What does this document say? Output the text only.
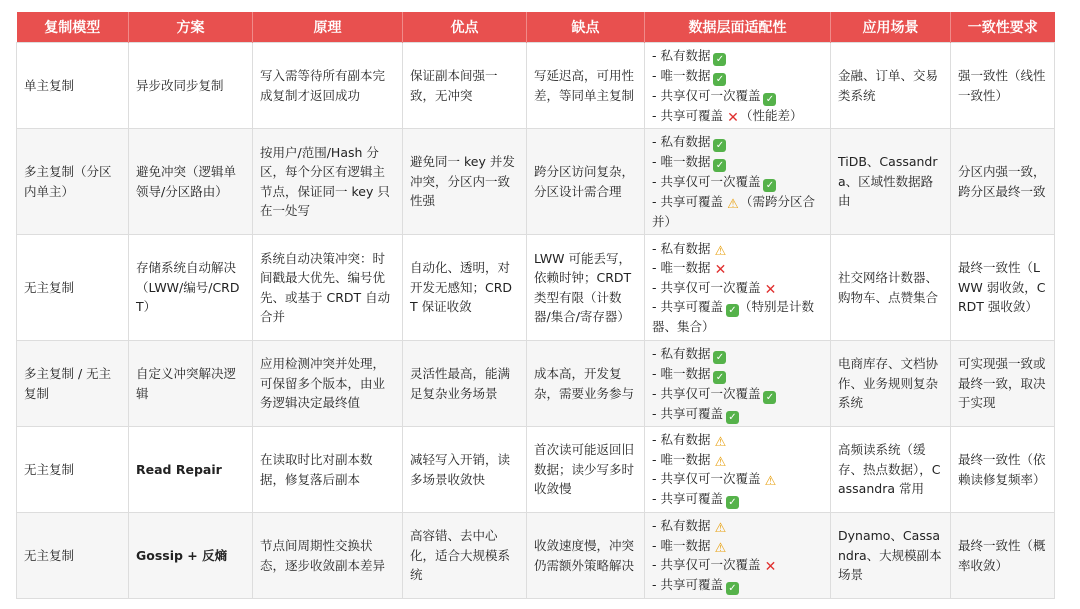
复制模型	方案	原理	优点	缺点	数据层面适配性	应用场景	一致性要求
单主复制	异步改同步复制	写入需等待所有副本完成复制才返回成功	保证副本间强一致，无冲突	写延迟高，可用性差，等同单主复制	- 私有数据 ✓
- 唯一数据 ✓
- 共享仅可一次覆盖 ✓
- 共享可覆盖 ✕（性能差）	金融、订单、交易类系统	强一致性（线性一致性）
多主复制（分区内单主）	避免冲突（逻辑单领导/分区路由）	按用户/范围/Hash 分区，每个分区有逻辑主节点，保证同一 key 只在一处写	避免同一 key 并发冲突，分区内一致性强	跨分区访问复杂，分区设计需合理	- 私有数据 ✓
- 唯一数据 ✓
- 共享仅可一次覆盖 ✓
- 共享可覆盖 ⚠（需跨分区合并）	TiDB、Cassandra、区域性数据路由	分区内强一致，跨分区最终一致
无主复制	存储系统自动解决（LWW/编号/CRDT）	系统自动决策冲突：时间戳最大优先、编号优先、或基于 CRDT 自动合并	自动化、透明，对开发无感知；CRDT 保证收敛	LWW 可能丢写，依赖时钟；CRDT 类型有限（计数器/集合/寄存器）	- 私有数据 ⚠
- 唯一数据 ✕
- 共享仅可一次覆盖 ✕
- 共享可覆盖 ✓ （特别是计数器、集合）	社交网络计数器、购物车、点赞集合	最终一致性（LWW 弱收敛，CRDT 强收敛）
多主复制 / 无主复制	自定义冲突解决逻辑	应用检测冲突并处理，可保留多个版本，由业务逻辑决定最终值	灵活性最高，能满足复杂业务场景	成本高，开发复杂，需要业务参与	- 私有数据 ✓
- 唯一数据 ✓
- 共享仅可一次覆盖 ✓
- 共享可覆盖 ✓	电商库存、文档协作、业务规则复杂系统	可实现强一致或最终一致，取决于实现
无主复制	Read Repair	在读取时比对副本数据，修复落后副本	减轻写入开销，读多场景收敛快	首次读可能返回旧数据；读少写多时收敛慢	- 私有数据 ⚠
- 唯一数据 ⚠
- 共享仅可一次覆盖 ⚠
- 共享可覆盖 ✓	高频读系统（缓存、热点数据），Cassandra 常用	最终一致性（依赖读修复频率）
无主复制	Gossip + 反熵	节点间周期性交换状态，逐步收敛副本差异	高容错、去中心化，适合大规模系统	收敛速度慢，冲突仍需额外策略解决	- 私有数据 ⚠
- 唯一数据 ⚠
- 共享仅可一次覆盖 ✕
- 共享可覆盖 ✓	Dynamo、Cassandra、大规模副本场景	最终一致性（概率收敛）
